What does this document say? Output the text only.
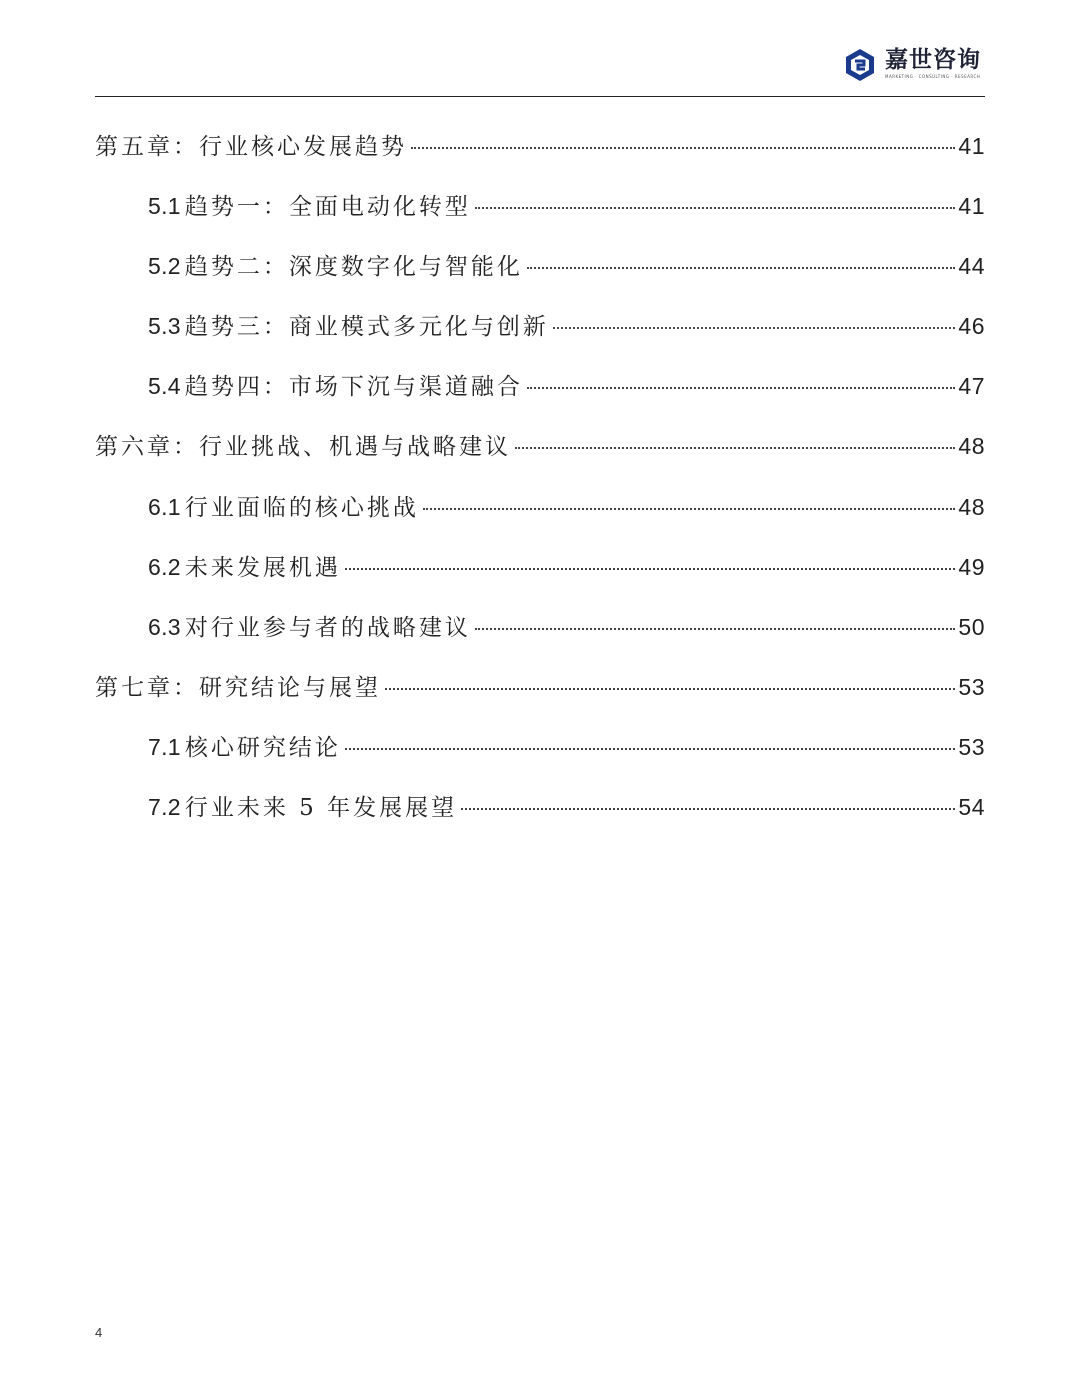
嘉世咨询
MARKETING · CONSULTING · RESEARCH
第五章：行业核心发展趋势	41
5.1 趋势一：全面电动化转型	41
5.2 趋势二：深度数字化与智能化	44
5.3 趋势三：商业模式多元化与创新	46
5.4 趋势四：市场下沉与渠道融合	47
第六章：行业挑战、机遇与战略建议	48
6.1 行业面临的核心挑战	48
6.2 未来发展机遇	49
6.3 对行业参与者的战略建议	50
第七章：研究结论与展望	53
7.1 核心研究结论	53
7.2 行业未来 5 年发展展望	54
4
